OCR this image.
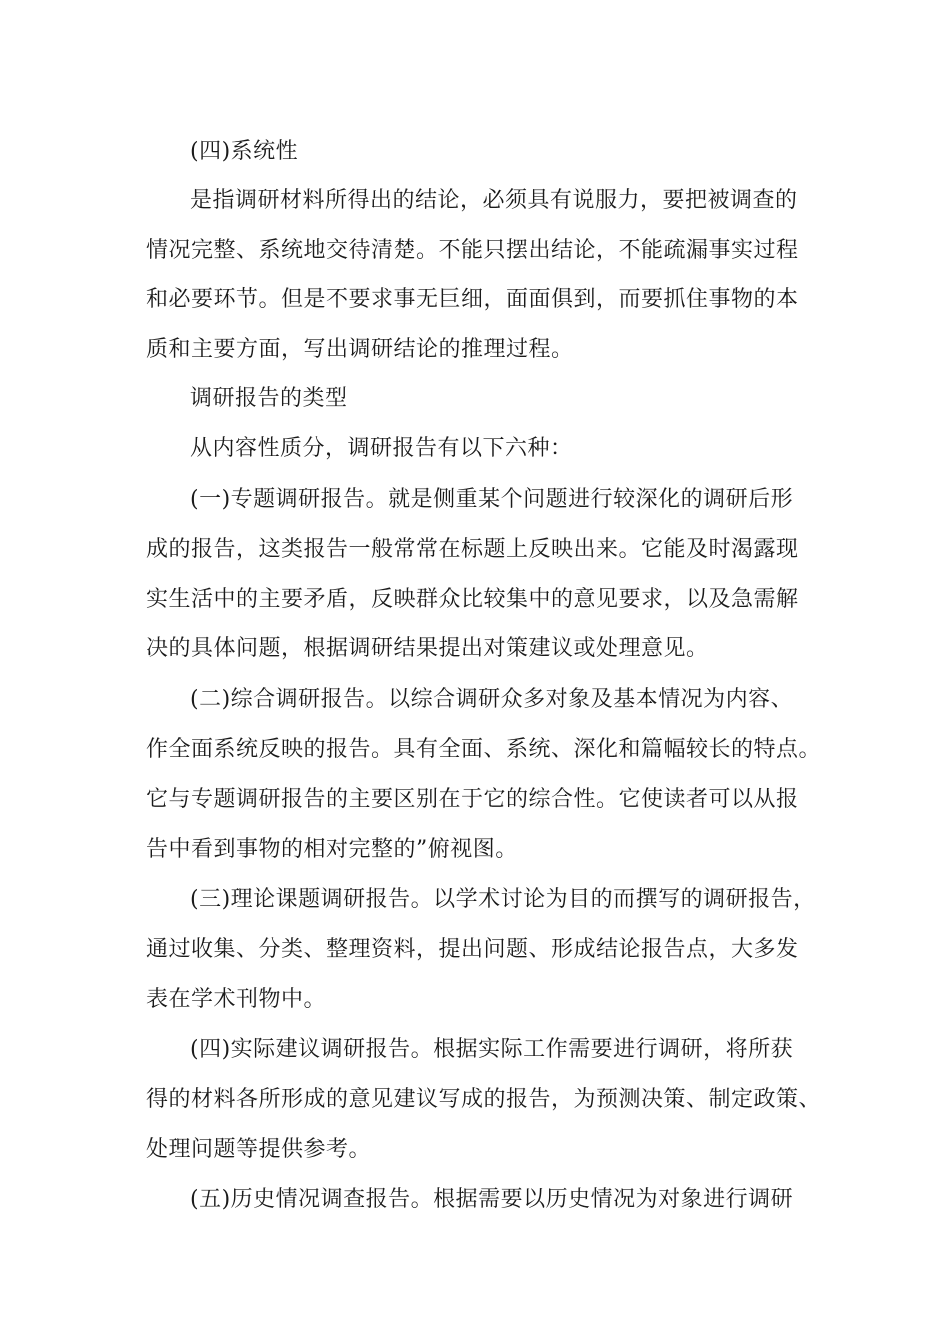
(四)系统性
是指调研材料所得出的结论，必须具有说服力，要把被调查的
情况完整、系统地交待清楚。不能只摆出结论，不能疏漏事实过程
和必要环节。但是不要求事无巨细，面面俱到，而要抓住事物的本
质和主要方面，写出调研结论的推理过程。
调研报告的类型
从内容性质分，调研报告有以下六种：
(一)专题调研报告。就是侧重某个问题进行较深化的调研后形
成的报告，这类报告一般常常在标题上反映出来。它能及时渴露现
实生活中的主要矛盾，反映群众比较集中的意见要求，以及急需解
决的具体问题，根据调研结果提出对策建议或处理意见。
(二)综合调研报告。以综合调研众多对象及基本情况为内容、
作全面系统反映的报告。具有全面、系统、深化和篇幅较长的特点。
它与专题调研报告的主要区别在于它的综合性。它使读者可以从报
告中看到事物的相对完整的”俯视图。
(三)理论课题调研报告。以学术讨论为目的而撰写的调研报告，
通过收集、分类、整理资料，提出问题、形成结论报告点，大多发
表在学术刊物中。
(四)实际建议调研报告。根据实际工作需要进行调研，将所获
得的材料各所形成的意见建议写成的报告，为预测决策、制定政策、
处理问题等提供参考。
(五)历史情况调查报告。根据需要以历史情况为对象进行调研
